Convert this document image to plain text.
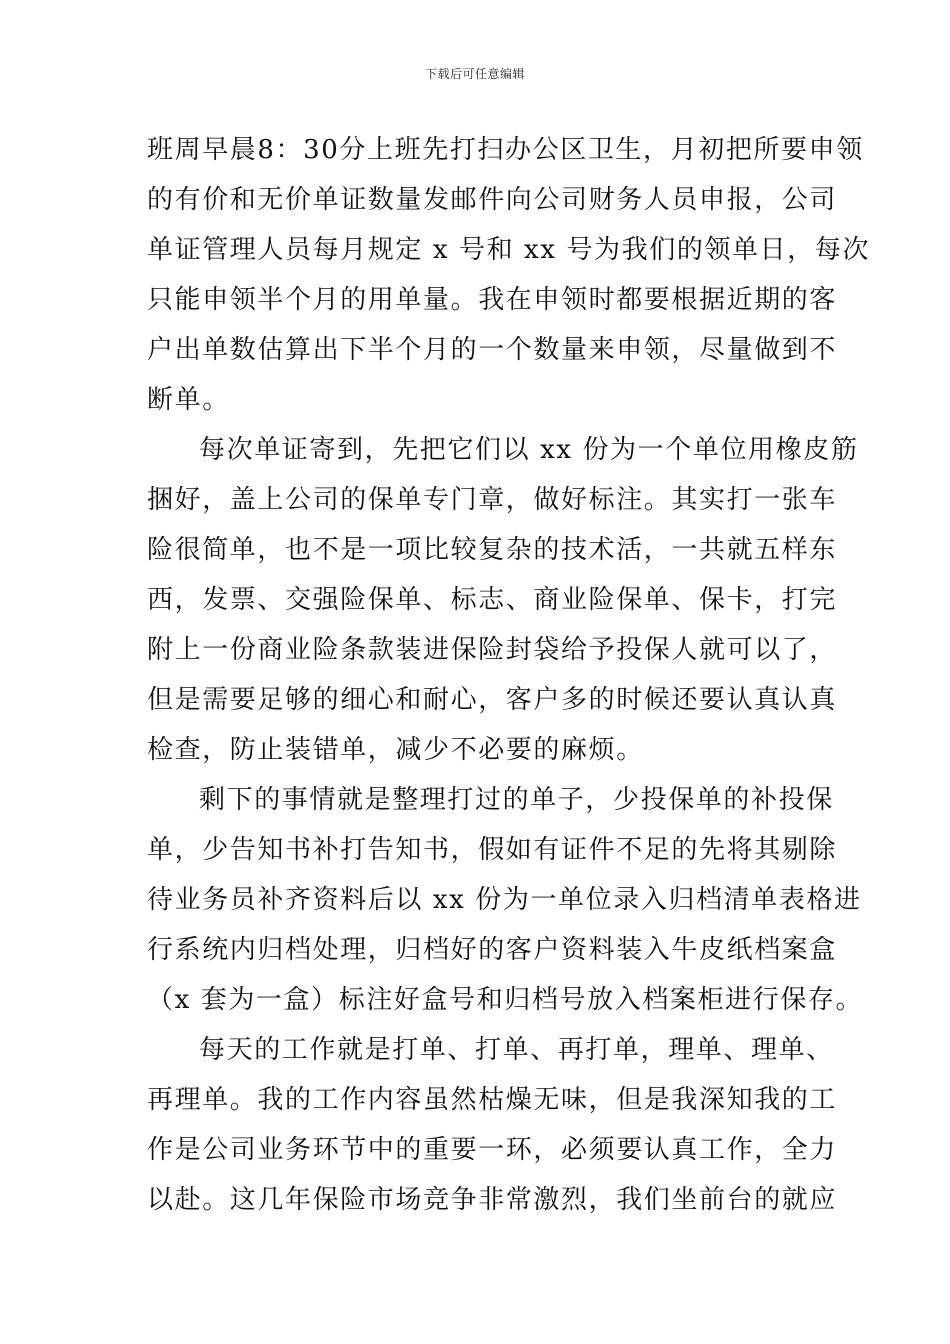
下载后可任意编辑

班周早晨8：30分上班先打扫办公区卫生，月初把所要申领
的有价和无价单证数量发邮件向公司财务人员申报，公司
单证管理人员每月规定 x 号和 xx 号为我们的领单日，每次
只能申领半个月的用单量。我在申领时都要根据近期的客
户出单数估算出下半个月的一个数量来申领，尽量做到不
断单。

每次单证寄到，先把它们以 xx 份为一个单位用橡皮筋
捆好，盖上公司的保单专门章，做好标注。其实打一张车
险很简单，也不是一项比较复杂的技术活，一共就五样东
西，发票、交强险保单、标志、商业险保单、保卡，打完
附上一份商业险条款装进保险封袋给予投保人就可以了，
但是需要足够的细心和耐心，客户多的时候还要认真认真
检查，防止装错单，减少不必要的麻烦。

剩下的事情就是整理打过的单子，少投保单的补投保
单，少告知书补打告知书，假如有证件不足的先将其剔除
待业务员补齐资料后以 xx 份为一单位录入归档清单表格进
行系统内归档处理，归档好的客户资料装入牛皮纸档案盒
（x 套为一盒）标注好盒号和归档号放入档案柜进行保存。

每天的工作就是打单、打单、再打单，理单、理单、
再理单。我的工作内容虽然枯燥无味，但是我深知我的工
作是公司业务环节中的重要一环，必须要认真工作，全力
以赴。这几年保险市场竞争非常激烈，我们坐前台的就应
